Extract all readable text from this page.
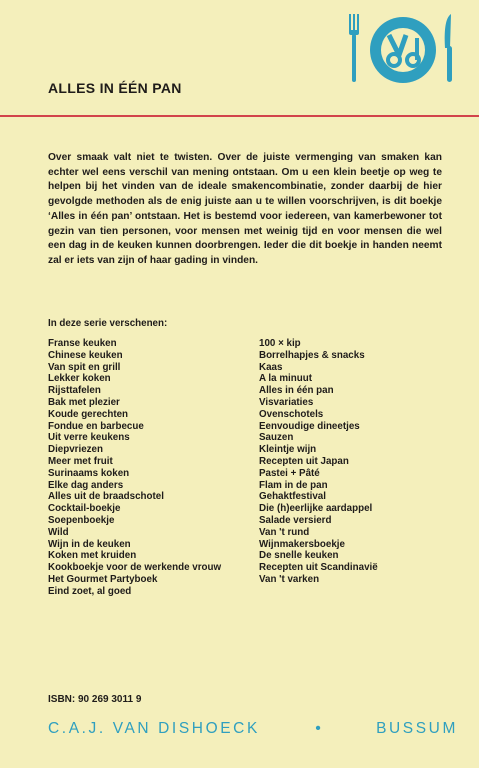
ALLES IN ÉÉN PAN
Over smaak valt niet te twisten. Over de juiste vermenging van smaken kan echter wel eens verschil van mening ontstaan. Om u een klein beetje op weg te helpen bij het vinden van de ideale smakencombinatie, zonder daarbij de hier gevolgde methoden als de enig juiste aan u te willen voorschrijven, is dit boekje ‘Alles in één pan’ ontstaan. Het is bestemd voor iedereen, van kamerbewoner tot gezin van tien personen, voor mensen met weinig tijd en voor mensen die wel een dag in de keuken kunnen doorbrengen. Ieder die dit boekje in handen neemt zal er iets van zijn of haar gading in vinden.
In deze serie verschenen:
Franse keuken
Chinese keuken
Van spit en grill
Lekker koken
Rijsttafelen
Bak met plezier
Koude gerechten
Fondue en barbecue
Uit verre keukens
Diepvriezen
Meer met fruit
Surinaams koken
Elke dag anders
Alles uit de braadschotel
Cocktail-boekje
Soepenboekje
Wild
Wijn in de keuken
Koken met kruiden
Kookboekje voor de werkende vrouw
Het Gourmet Partyboek
Eind zoet, al goed
100 × kip
Borrelhapjes & snacks
Kaas
A la minuut
Alles in één pan
Visvariaties
Ovenschotels
Eenvoudige dineetjes
Sauzen
Kleintje wijn
Recepten uit Japan
Pastei + Pâté
Flam in de pan
Gehaktfestival
Die (h)eerlijke aardappel
Salade versierd
Van 't rund
Wijnmakersboekje
De snelle keuken
Recepten uit Scandinavië
Van 't varken
ISBN: 90 269 3011 9
C.A.J. VAN DISHOECK	•	BUSSUM
